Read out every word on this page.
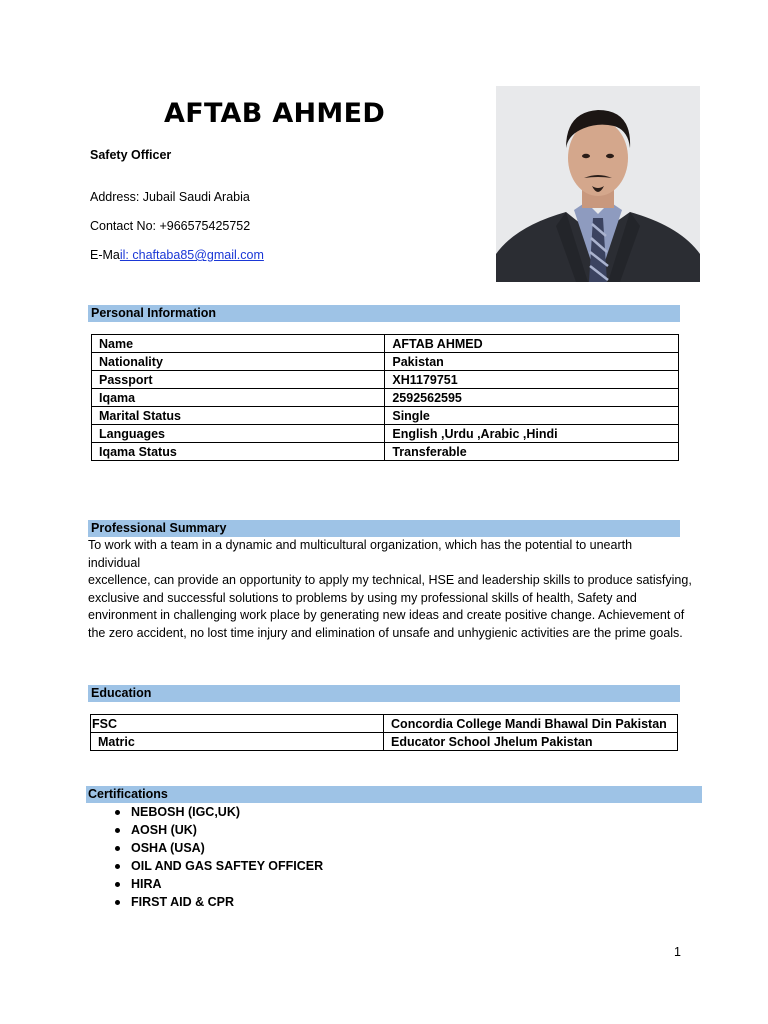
AFTAB AHMED
Safety Officer
Address: Jubail Saudi Arabia
Contact No: +966575425752
E-Mail: chaftaba85@gmail.com
Personal Information
Name	AFTAB AHMED
Nationality	Pakistan
Passport	XH1179751
Iqama	2592562595
Marital Status	Single
Languages	English ,Urdu ,Arabic ,Hindi
Iqama Status	Transferable
Professional Summary
To work with a team in a dynamic and multicultural organization, which has the potential to unearth
individual
excellence, can provide an opportunity to apply my technical, HSE and leadership skills to produce satisfying,
exclusive and successful solutions to problems by using my professional skills of health, Safety and
environment in challenging work place by generating new ideas and create positive change. Achievement of
the zero accident, no lost time injury and elimination of unsafe and unhygienic activities are the prime goals.
Education
FSC	Concordia College Mandi Bhawal Din Pakistan
Matric	Educator School Jhelum Pakistan
Certifications
NEBOSH (IGC,UK)
AOSH (UK)
OSHA (USA)
OIL AND GAS SAFTEY OFFICER
HIRA
FIRST AID & CPR
1
